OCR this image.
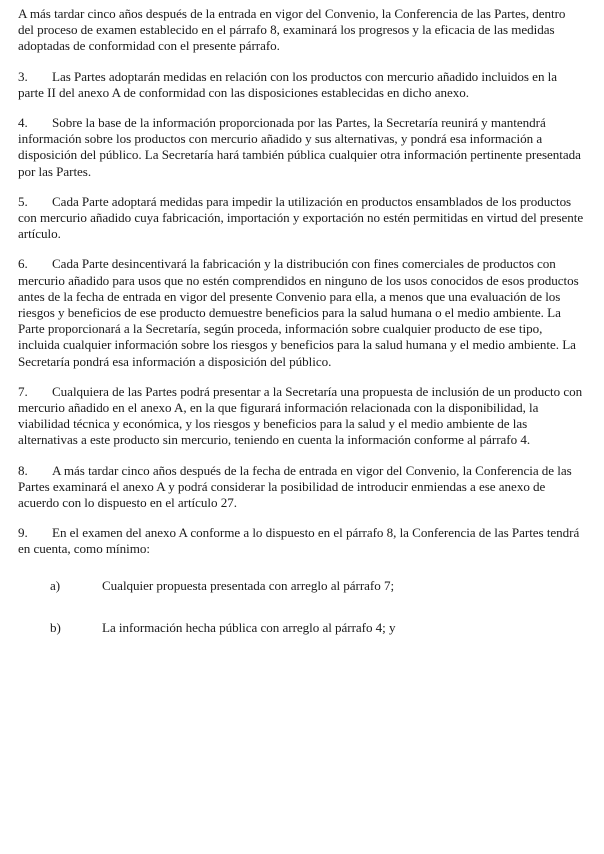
A más tardar cinco años después de la entrada en vigor del Convenio, la Conferencia de las Partes, dentro del proceso de examen establecido en el párrafo 8, examinará los progresos y la eficacia de las medidas adoptadas de conformidad con el presente párrafo.

3. Las Partes adoptarán medidas en relación con los productos con mercurio añadido incluidos en la parte II del anexo A de conformidad con las disposiciones establecidas en dicho anexo.

4. Sobre la base de la información proporcionada por las Partes, la Secretaría reunirá y mantendrá información sobre los productos con mercurio añadido y sus alternativas, y pondrá esa información a disposición del público. La Secretaría hará también pública cualquier otra información pertinente presentada por las Partes.

5. Cada Parte adoptará medidas para impedir la utilización en productos ensamblados de los productos con mercurio añadido cuya fabricación, importación y exportación no estén permitidas en virtud del presente artículo.

6. Cada Parte desincentivará la fabricación y la distribución con fines comerciales de productos con mercurio añadido para usos que no estén comprendidos en ninguno de los usos conocidos de esos productos antes de la fecha de entrada en vigor del presente Convenio para ella, a menos que una evaluación de los riesgos y beneficios de ese producto demuestre beneficios para la salud humana o el medio ambiente. La Parte proporcionará a la Secretaría, según proceda, información sobre cualquier producto de ese tipo, incluida cualquier información sobre los riesgos y beneficios para la salud humana y el medio ambiente. La Secretaría pondrá esa información a disposición del público.

7. Cualquiera de las Partes podrá presentar a la Secretaría una propuesta de inclusión de un producto con mercurio añadido en el anexo A, en la que figurará información relacionada con la disponibilidad, la viabilidad técnica y económica, y los riesgos y beneficios para la salud y el medio ambiente de las alternativas a este producto sin mercurio, teniendo en cuenta la información conforme al párrafo 4.

8. A más tardar cinco años después de la fecha de entrada en vigor del Convenio, la Conferencia de las Partes examinará el anexo A y podrá considerar la posibilidad de introducir enmiendas a ese anexo de acuerdo con lo dispuesto en el artículo 27.

9. En el examen del anexo A conforme a lo dispuesto en el párrafo 8, la Conferencia de las Partes tendrá en cuenta, como mínimo:

a)	Cualquier propuesta presentada con arreglo al párrafo 7;
b)	La información hecha pública con arreglo al párrafo 4; y
